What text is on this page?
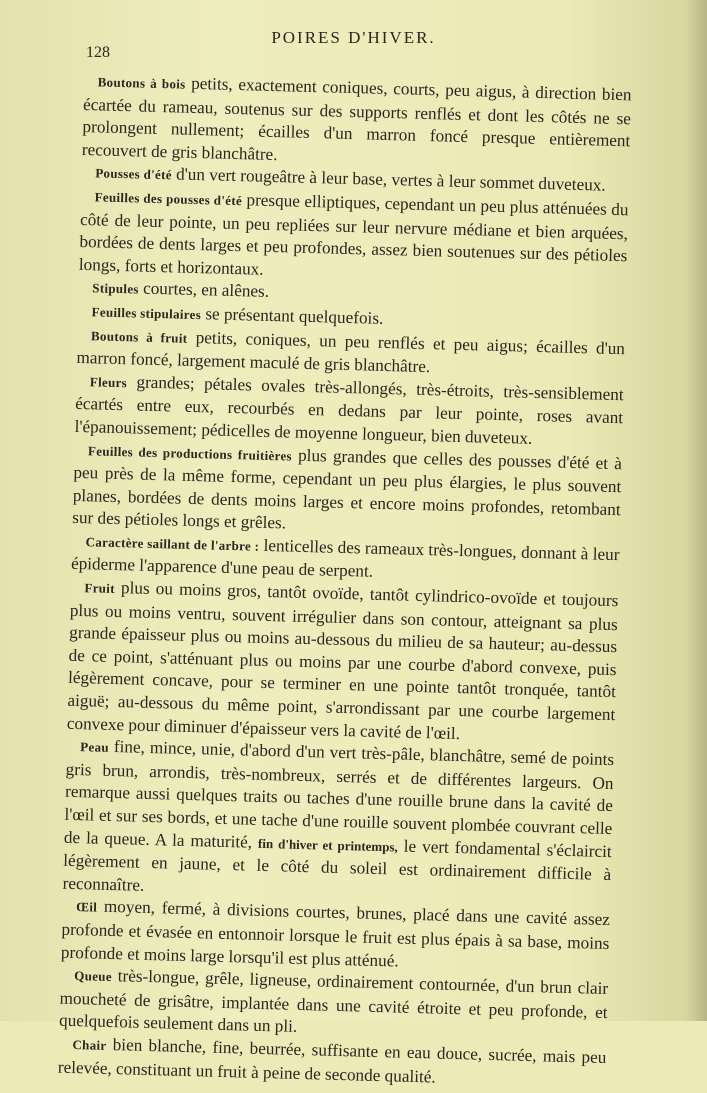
POIRES D'HIVER.
128

Boutons à bois petits, exactement coniques, courts, peu aigus, à direction bien écartée du rameau, soutenus sur des supports renflés et dont les côtés ne se prolongent nullement; écailles d'un marron foncé presque entièrement recouvert de gris blanchâtre.

Pousses d'été d'un vert rougeâtre à leur base, vertes à leur sommet duveteux.

Feuilles des pousses d'été presque elliptiques, cependant un peu plus atténuées du côté de leur pointe, un peu repliées sur leur nervure médiane et bien arquées, bordées de dents larges et peu profondes, assez bien soutenues sur des pétioles longs, forts et horizontaux.

Stipules courtes, en alênes.

Feuilles stipulaires se présentant quelquefois.

Boutons à fruit petits, coniques, un peu renflés et peu aigus; écailles d'un marron foncé, largement maculé de gris blanchâtre.

Fleurs grandes; pétales ovales très-allongés, très-étroits, très-sensiblement écartés entre eux, recourbés en dedans par leur pointe, roses avant l'épanouissement; pédicelles de moyenne longueur, bien duveteux.

Feuilles des productions fruitières plus grandes que celles des pousses d'été et à peu près de la même forme, cependant un peu plus élargies, le plus souvent planes, bordées de dents moins larges et encore moins profondes, retombant sur des pétioles longs et grêles.

Caractère saillant de l'arbre : lenticelles des rameaux très-longues, donnant à leur épiderme l'apparence d'une peau de serpent.

Fruit plus ou moins gros, tantôt ovoïde, tantôt cylindrico-ovoïde et toujours plus ou moins ventru, souvent irrégulier dans son contour, atteignant sa plus grande épaisseur plus ou moins au-dessous du milieu de sa hauteur; au-dessus de ce point, s'atténuant plus ou moins par une courbe d'abord convexe, puis légèrement concave, pour se terminer en une pointe tantôt tronquée, tantôt aiguë; au-dessous du même point, s'arrondissant par une courbe largement convexe pour diminuer d'épaisseur vers la cavité de l'œil.

Peau fine, mince, unie, d'abord d'un vert très-pâle, blanchâtre, semé de points gris brun, arrondis, très-nombreux, serrés et de différentes largeurs. On remarque aussi quelques traits ou taches d'une rouille brune dans la cavité de l'œil et sur ses bords, et une tache d'une rouille souvent plombée couvrant celle de la queue. A la maturité, fin d'hiver et printemps, le vert fondamental s'éclaircit légèrement en jaune, et le côté du soleil est ordinairement difficile à reconnaître.

Œil moyen, fermé, à divisions courtes, brunes, placé dans une cavité assez profonde et évasée en entonnoir lorsque le fruit est plus épais à sa base, moins profonde et moins large lorsqu'il est plus atténué.

Queue très-longue, grêle, ligneuse, ordinairement contournée, d'un brun clair moucheté de grisâtre, implantée dans une cavité étroite et peu profonde, et quelquefois seulement dans un pli.

Chair bien blanche, fine, beurrée, suffisante en eau douce, sucrée, mais peu relevée, constituant un fruit à peine de seconde qualité.
